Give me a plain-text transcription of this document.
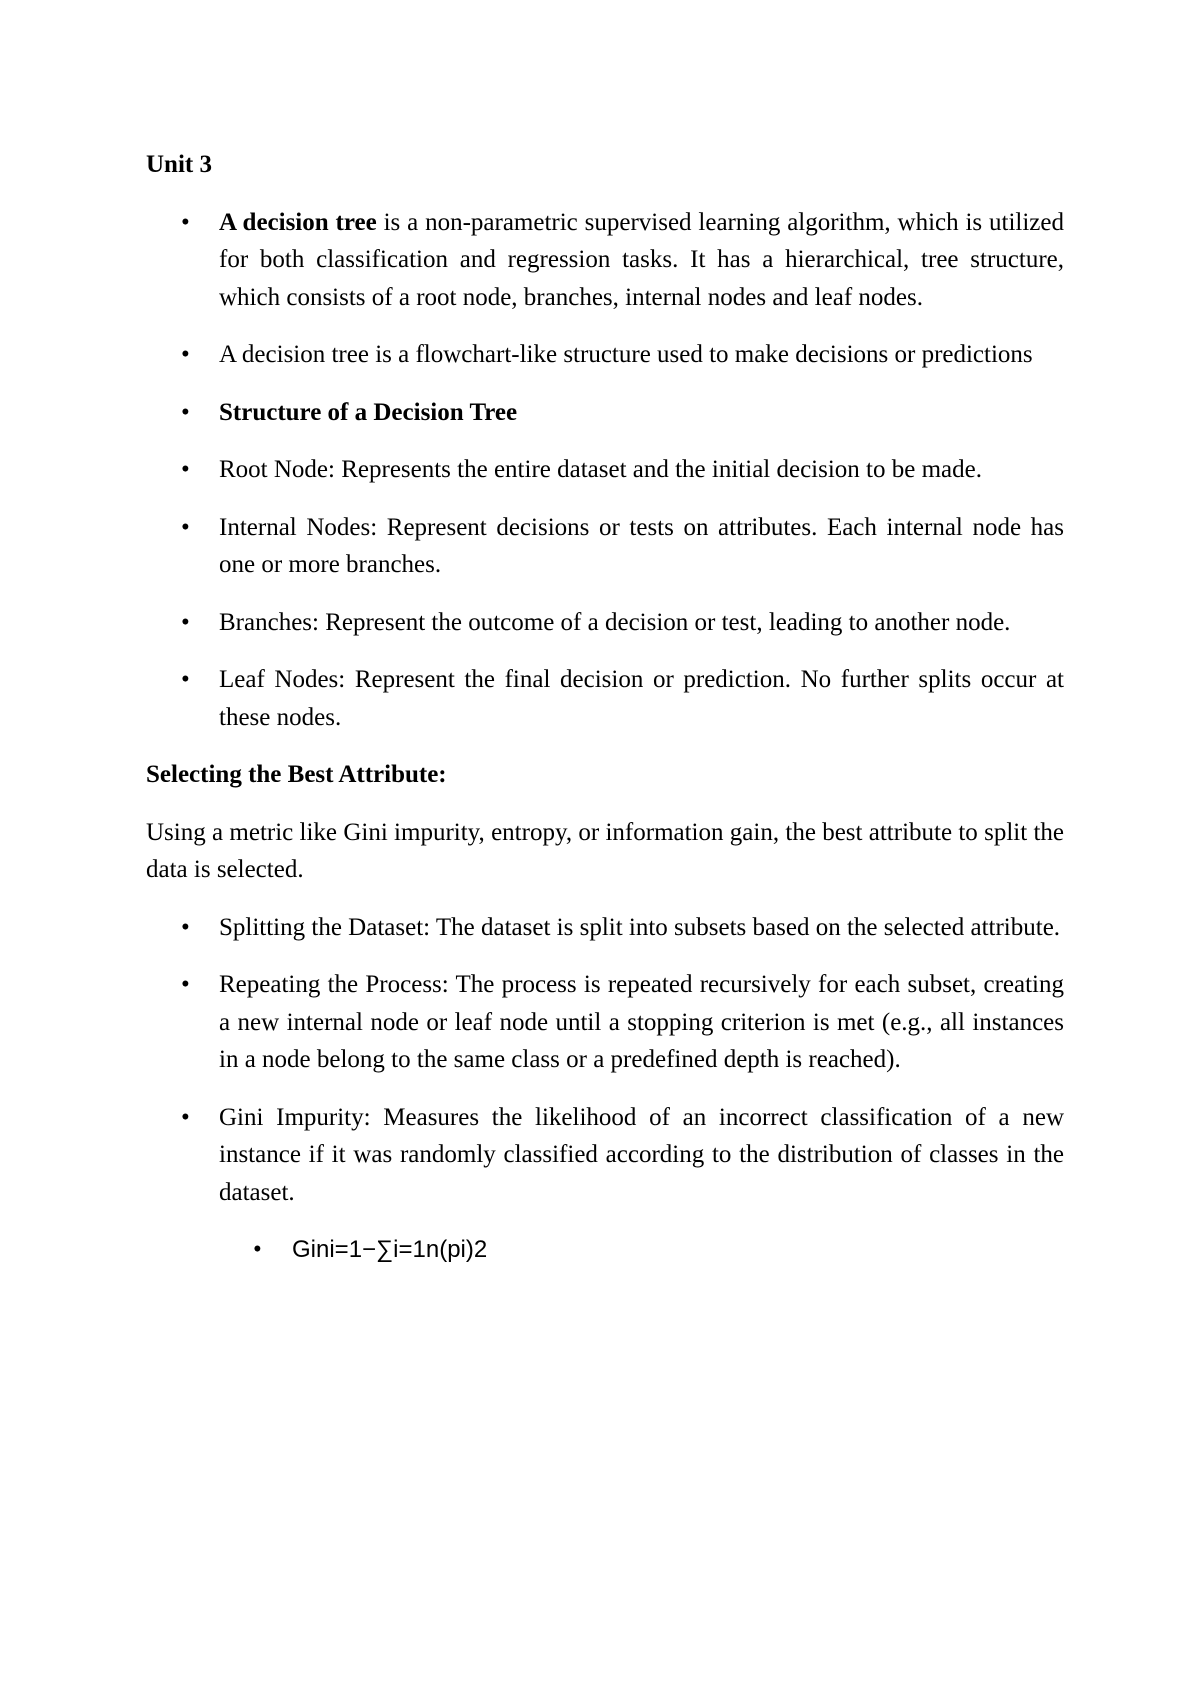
Unit 3
• A decision tree is a non-parametric supervised learning algorithm, which is utilized for both classification and regression tasks. It has a hierarchical, tree structure, which consists of a root node, branches, internal nodes and leaf nodes.
• A decision tree is a flowchart-like structure used to make decisions or predictions
• Structure of a Decision Tree
• Root Node: Represents the entire dataset and the initial decision to be made.
• Internal Nodes: Represent decisions or tests on attributes. Each internal node has one or more branches.
• Branches: Represent the outcome of a decision or test, leading to another node.
• Leaf Nodes: Represent the final decision or prediction. No further splits occur at these nodes.
Selecting the Best Attribute:
Using a metric like Gini impurity, entropy, or information gain, the best attribute to split the data is selected.
• Splitting the Dataset: The dataset is split into subsets based on the selected attribute.
• Repeating the Process: The process is repeated recursively for each subset, creating a new internal node or leaf node until a stopping criterion is met (e.g., all instances in a node belong to the same class or a predefined depth is reached).
• Gini Impurity: Measures the likelihood of an incorrect classification of a new instance if it was randomly classified according to the distribution of classes in the dataset.
• Gini=1−∑i=1n(pi)2
